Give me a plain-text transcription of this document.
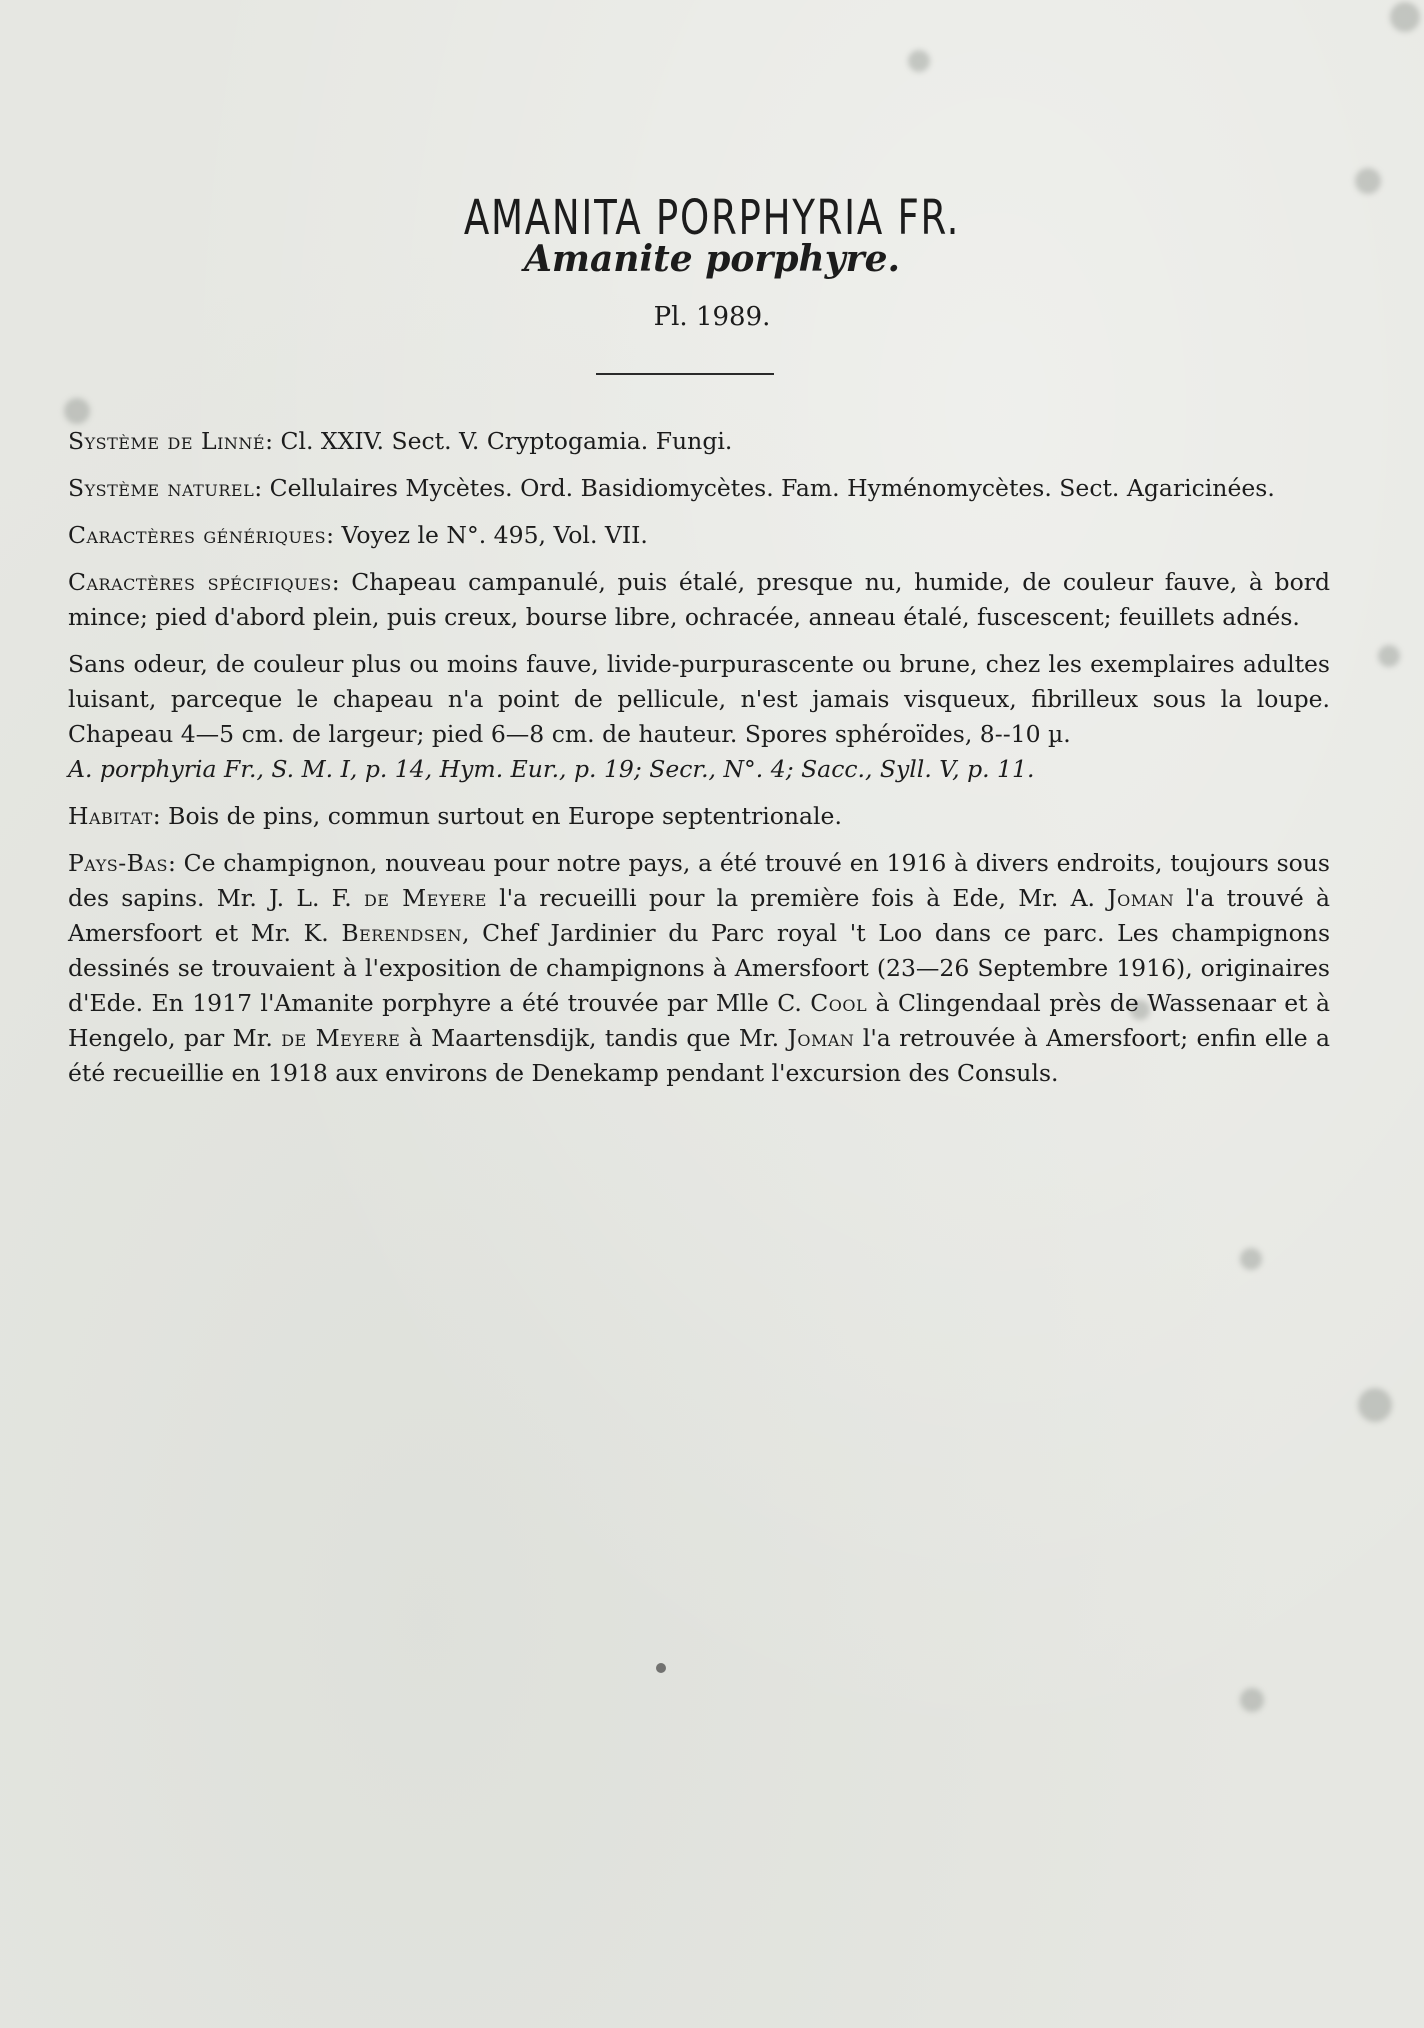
AMANITA PORPHYRIA FR.
Amanite porphyre.
Pl. 1989.

Système de Linné: Cl. XXIV. Sect. V. Cryptogamia. Fungi.

Système naturel: Cellulaires Mycètes. Ord. Basidiomycètes. Fam. Hyménomycètes. Sect. Agaricinées.

Caractères génériques: Voyez le N°. 495, Vol. VII.

Caractères spécifiques: Chapeau campanulé, puis étalé, presque nu, humide, de couleur fauve, à bord mince; pied d'abord plein, puis creux, bourse libre, ochracée, anneau étalé, fuscescent; feuillets adnés.

Sans odeur, de couleur plus ou moins fauve, livide-purpurascente ou brune, chez les exemplaires adultes luisant, parceque le chapeau n'a point de pellicule, n'est jamais visqueux, fibrilleux sous la loupe. Chapeau 4—5 cm. de largeur; pied 6—8 cm. de hauteur. Spores sphéroïdes, 8--10 µ.

A. porphyria Fr., S. M. I, p. 14, Hym. Eur., p. 19; Secr., N°. 4; Sacc., Syll. V, p. 11.

Habitat: Bois de pins, commun surtout en Europe septentrionale.

Pays-Bas: Ce champignon, nouveau pour notre pays, a été trouvé en 1916 à divers endroits, toujours sous des sapins. Mr. J. L. F. de Meyere l'a recueilli pour la première fois à Ede, Mr. A. Joman l'a trouvé à Amersfoort et Mr. K. Berendsen, Chef Jardinier du Parc royal 't Loo dans ce parc. Les champignons dessinés se trouvaient à l'exposition de champignons à Amersfoort (23—26 Septembre 1916), originaires d'Ede. En 1917 l'Amanite porphyre a été trouvée par Mlle C. Cool à Clingendaal près de Wassenaar et à Hengelo, par Mr. de Meyere à Maartensdijk, tandis que Mr. Joman l'a retrouvée à Amersfoort; enfin elle a été recueillie en 1918 aux environs de Denekamp pendant l'excursion des Consuls.
